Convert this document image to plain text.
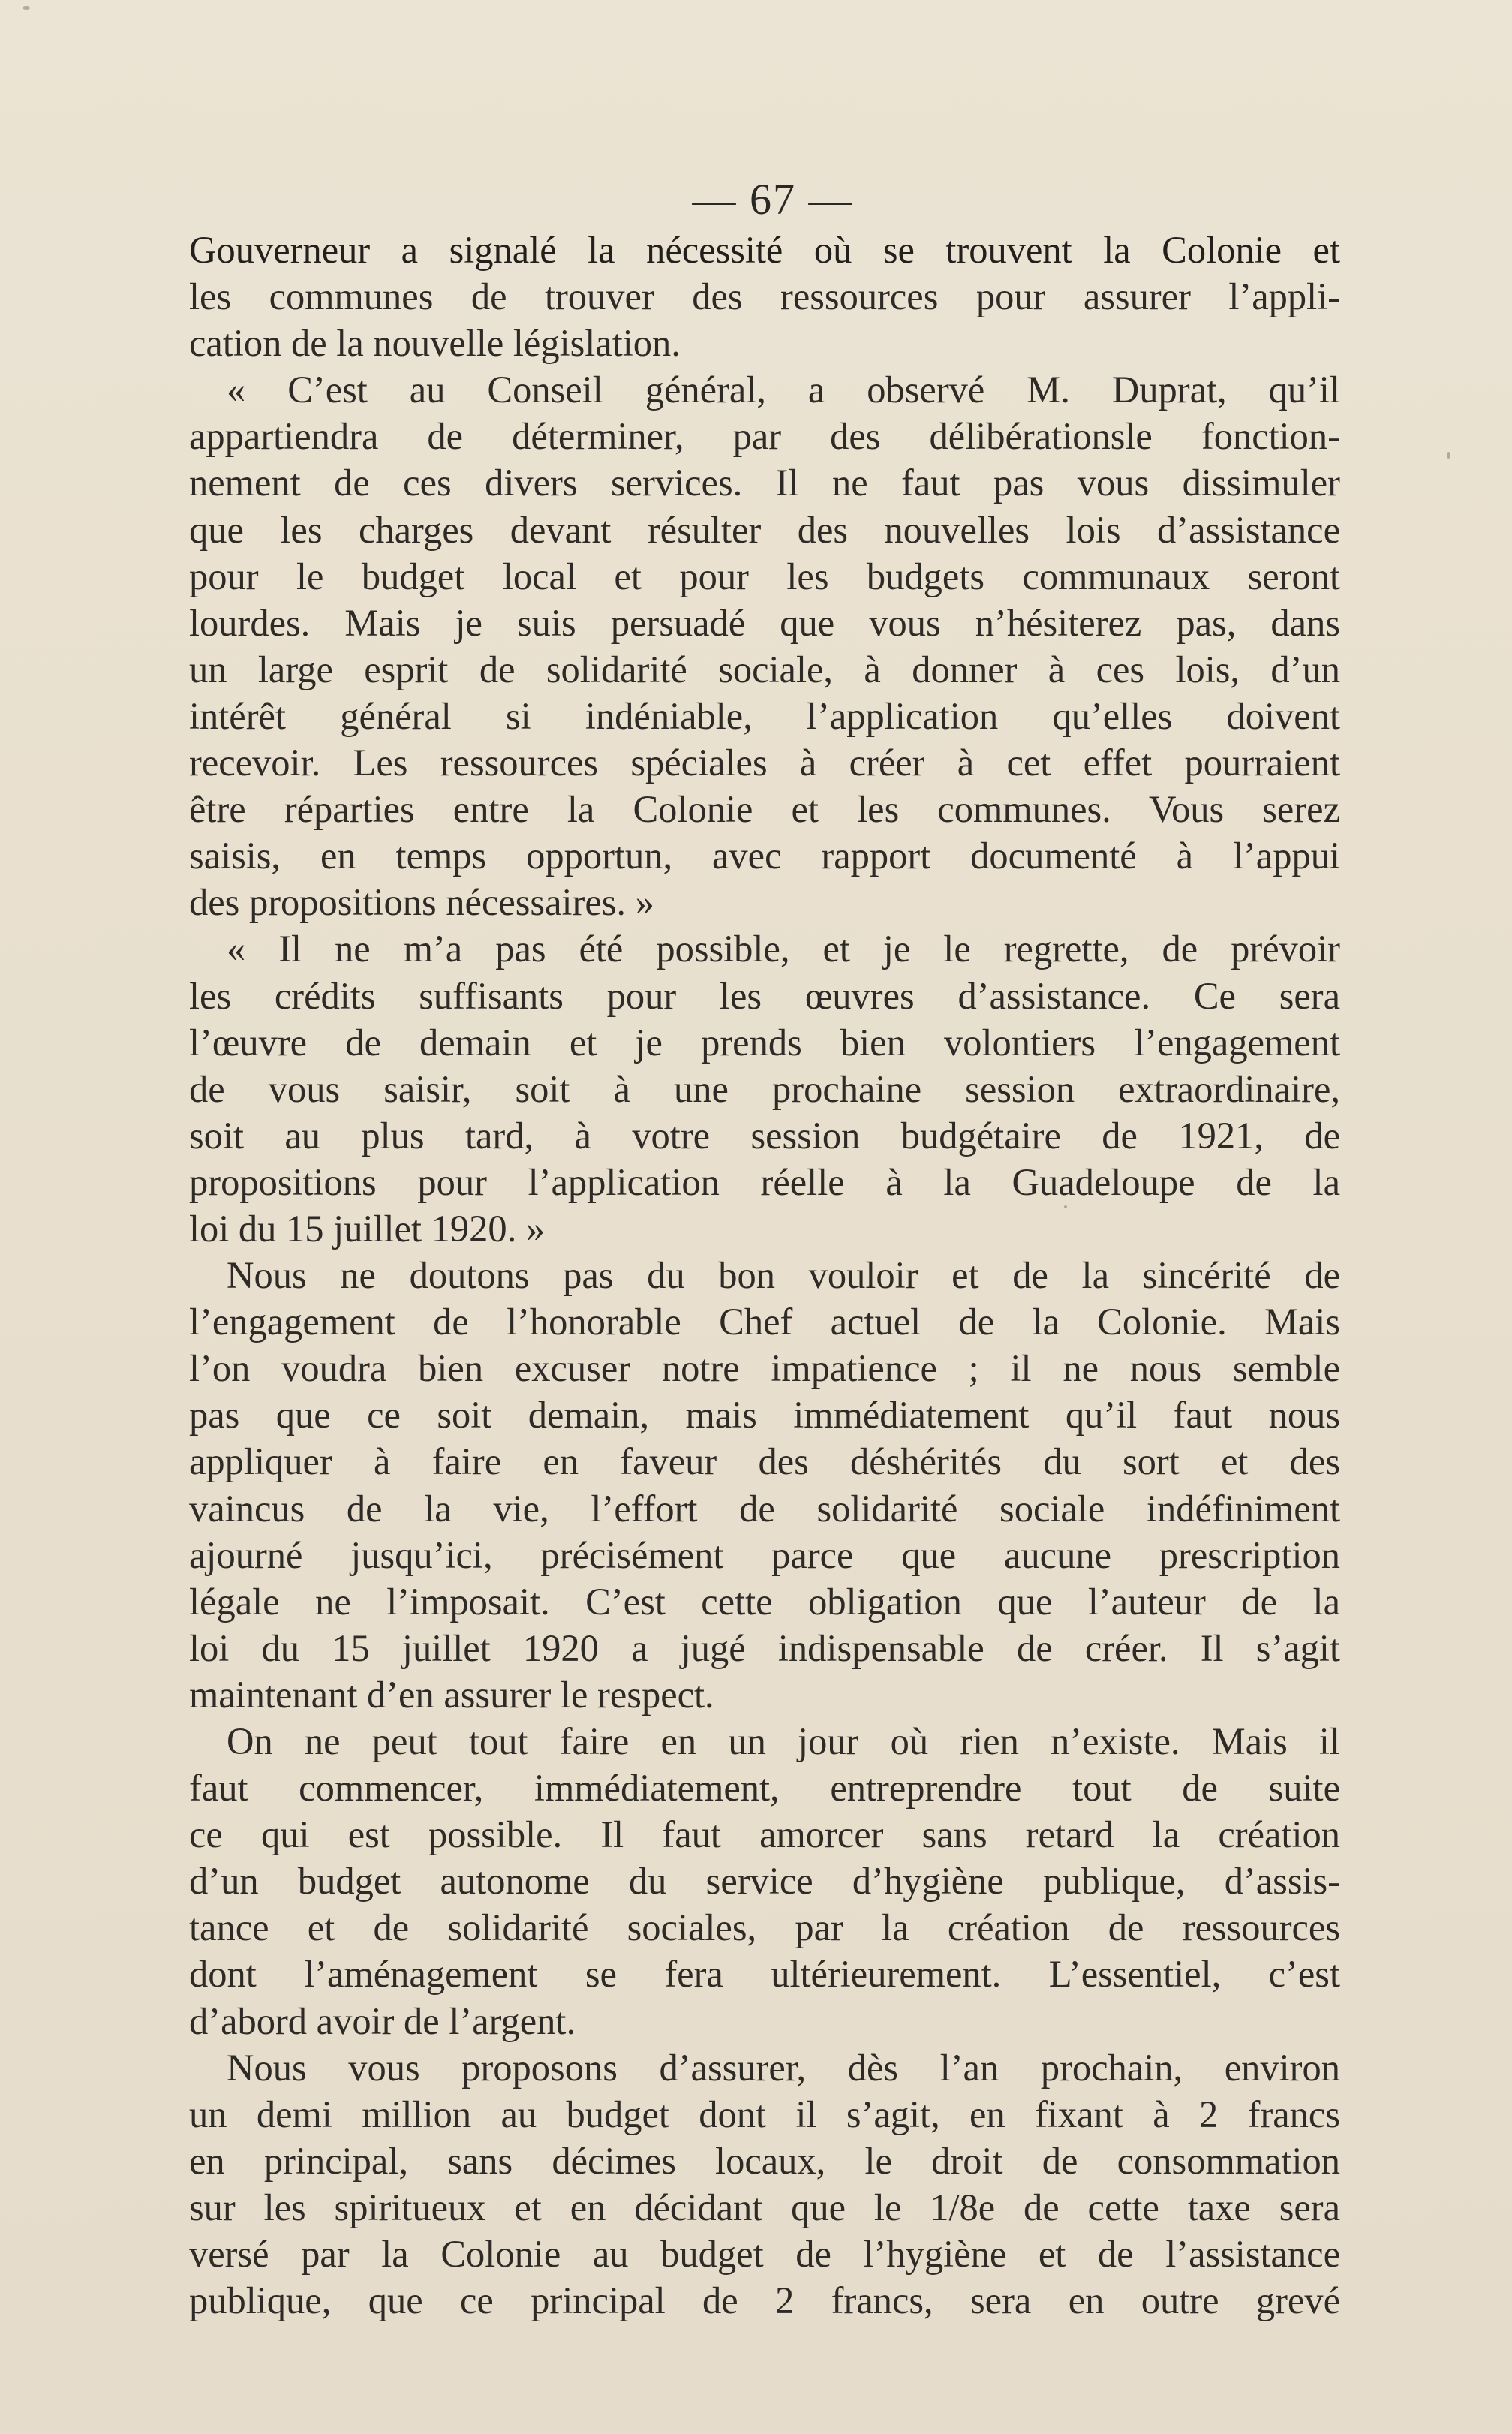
— 67 —
Gouverneur a signalé la nécessité où se trouvent la Colonie et
les communes de trouver des ressources pour assurer l’appli-
cation de la nouvelle législation.
« C’est au Conseil général, a observé M. Duprat, qu’il
appartiendra de déterminer, par des délibérationsle fonction-
nement de ces divers services. Il ne faut pas vous dissimuler
que les charges devant résulter des nouvelles lois d’assistance
pour le budget local et pour les budgets communaux seront
lourdes. Mais je suis persuadé que vous n’hésiterez pas, dans
un large esprit de solidarité sociale, à donner à ces lois, d’un
intérêt général si indéniable, l’application qu’elles doivent
recevoir. Les ressources spéciales à créer à cet effet pourraient
être réparties entre la Colonie et les communes. Vous serez
saisis, en temps opportun, avec rapport documenté à l’appui
des propositions nécessaires. »
« Il ne m’a pas été possible, et je le regrette, de prévoir
les crédits suffisants pour les œuvres d’assistance. Ce sera
l’œuvre de demain et je prends bien volontiers l’engagement
de vous saisir, soit à une prochaine session extraordinaire,
soit au plus tard, à votre session budgétaire de 1921, de
propositions pour l’application réelle à la Guadeloupe de la
loi du 15 juillet 1920. »
Nous ne doutons pas du bon vouloir et de la sincérité de
l’engagement de l’honorable Chef actuel de la Colonie. Mais
l’on voudra bien excuser notre impatience ; il ne nous semble
pas que ce soit demain, mais immédiatement qu’il faut nous
appliquer à faire en faveur des déshérités du sort et des
vaincus de la vie, l’effort de solidarité sociale indéfiniment
ajourné jusqu’ici, précisément parce que aucune prescription
légale ne l’imposait. C’est cette obligation que l’auteur de la
loi du 15 juillet 1920 a jugé indispensable de créer. Il s’agit
maintenant d’en assurer le respect.
On ne peut tout faire en un jour où rien n’existe. Mais il
faut commencer, immédiatement, entreprendre tout de suite
ce qui est possible. Il faut amorcer sans retard la création
d’un budget autonome du service d’hygiène publique, d’assis-
tance et de solidarité sociales, par la création de ressources
dont l’aménagement se fera ultérieurement. L’essentiel, c’est
d’abord avoir de l’argent.
Nous vous proposons d’assurer, dès l’an prochain, environ
un demi million au budget dont il s’agit, en fixant à 2 francs
en principal, sans décimes locaux, le droit de consommation
sur les spiritueux et en décidant que le 1/8e de cette taxe sera
versé par la Colonie au budget de l’hygiène et de l’assistance
publique, que ce principal de 2 francs, sera en outre grevé
